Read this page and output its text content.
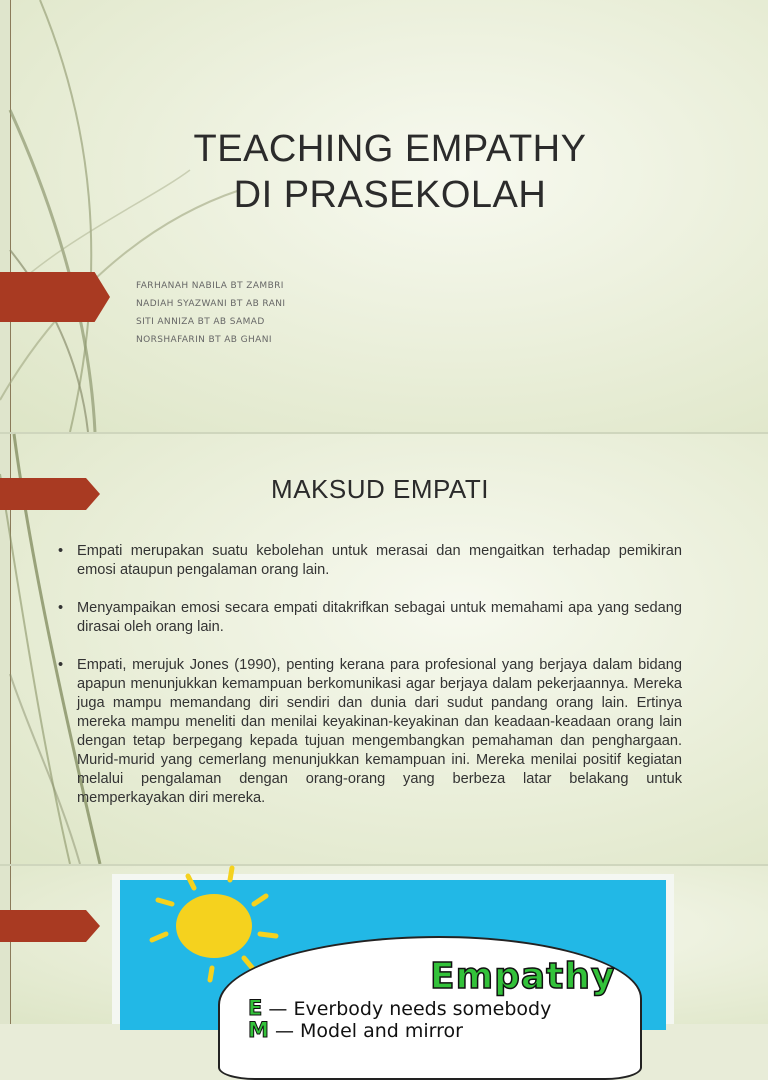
TEACHING EMPATHY
DI PRASEKOLAH
FARHANAH NABILA BT ZAMBRI
NADIAH SYAZWANI BT AB RANI
SITI ANNIZA BT AB SAMAD
NORSHAFARIN BT AB GHANI
MAKSUD EMPATI
• Empati merupakan suatu kebolehan untuk merasai dan mengaitkan terhadap pemikiran emosi ataupun pengalaman orang lain.
• Menyampaikan emosi secara empati ditakrifkan sebagai untuk memahami apa yang sedang dirasai oleh orang lain.
• Empati, merujuk Jones (1990), penting kerana para profesional yang berjaya dalam bidang apapun menunjukkan kemampuan berkomunikasi agar berjaya dalam pekerjaannya. Mereka juga mampu memandang diri sendiri dan dunia dari sudut pandang orang lain. Ertinya mereka mampu meneliti dan menilai keyakinan-keyakinan dan keadaan-keadaan orang lain dengan tetap berpegang kepada tujuan mengembangkan pemahaman dan penghargaan. Murid-murid yang cemerlang menunjukkan kemampuan ini. Mereka menilai positif kegiatan melalui pengalaman dengan orang-orang yang berbeza latar belakang untuk memperkayakan diri mereka.
Empathy
E — Everbody needs somebody
M — Model and mirror
